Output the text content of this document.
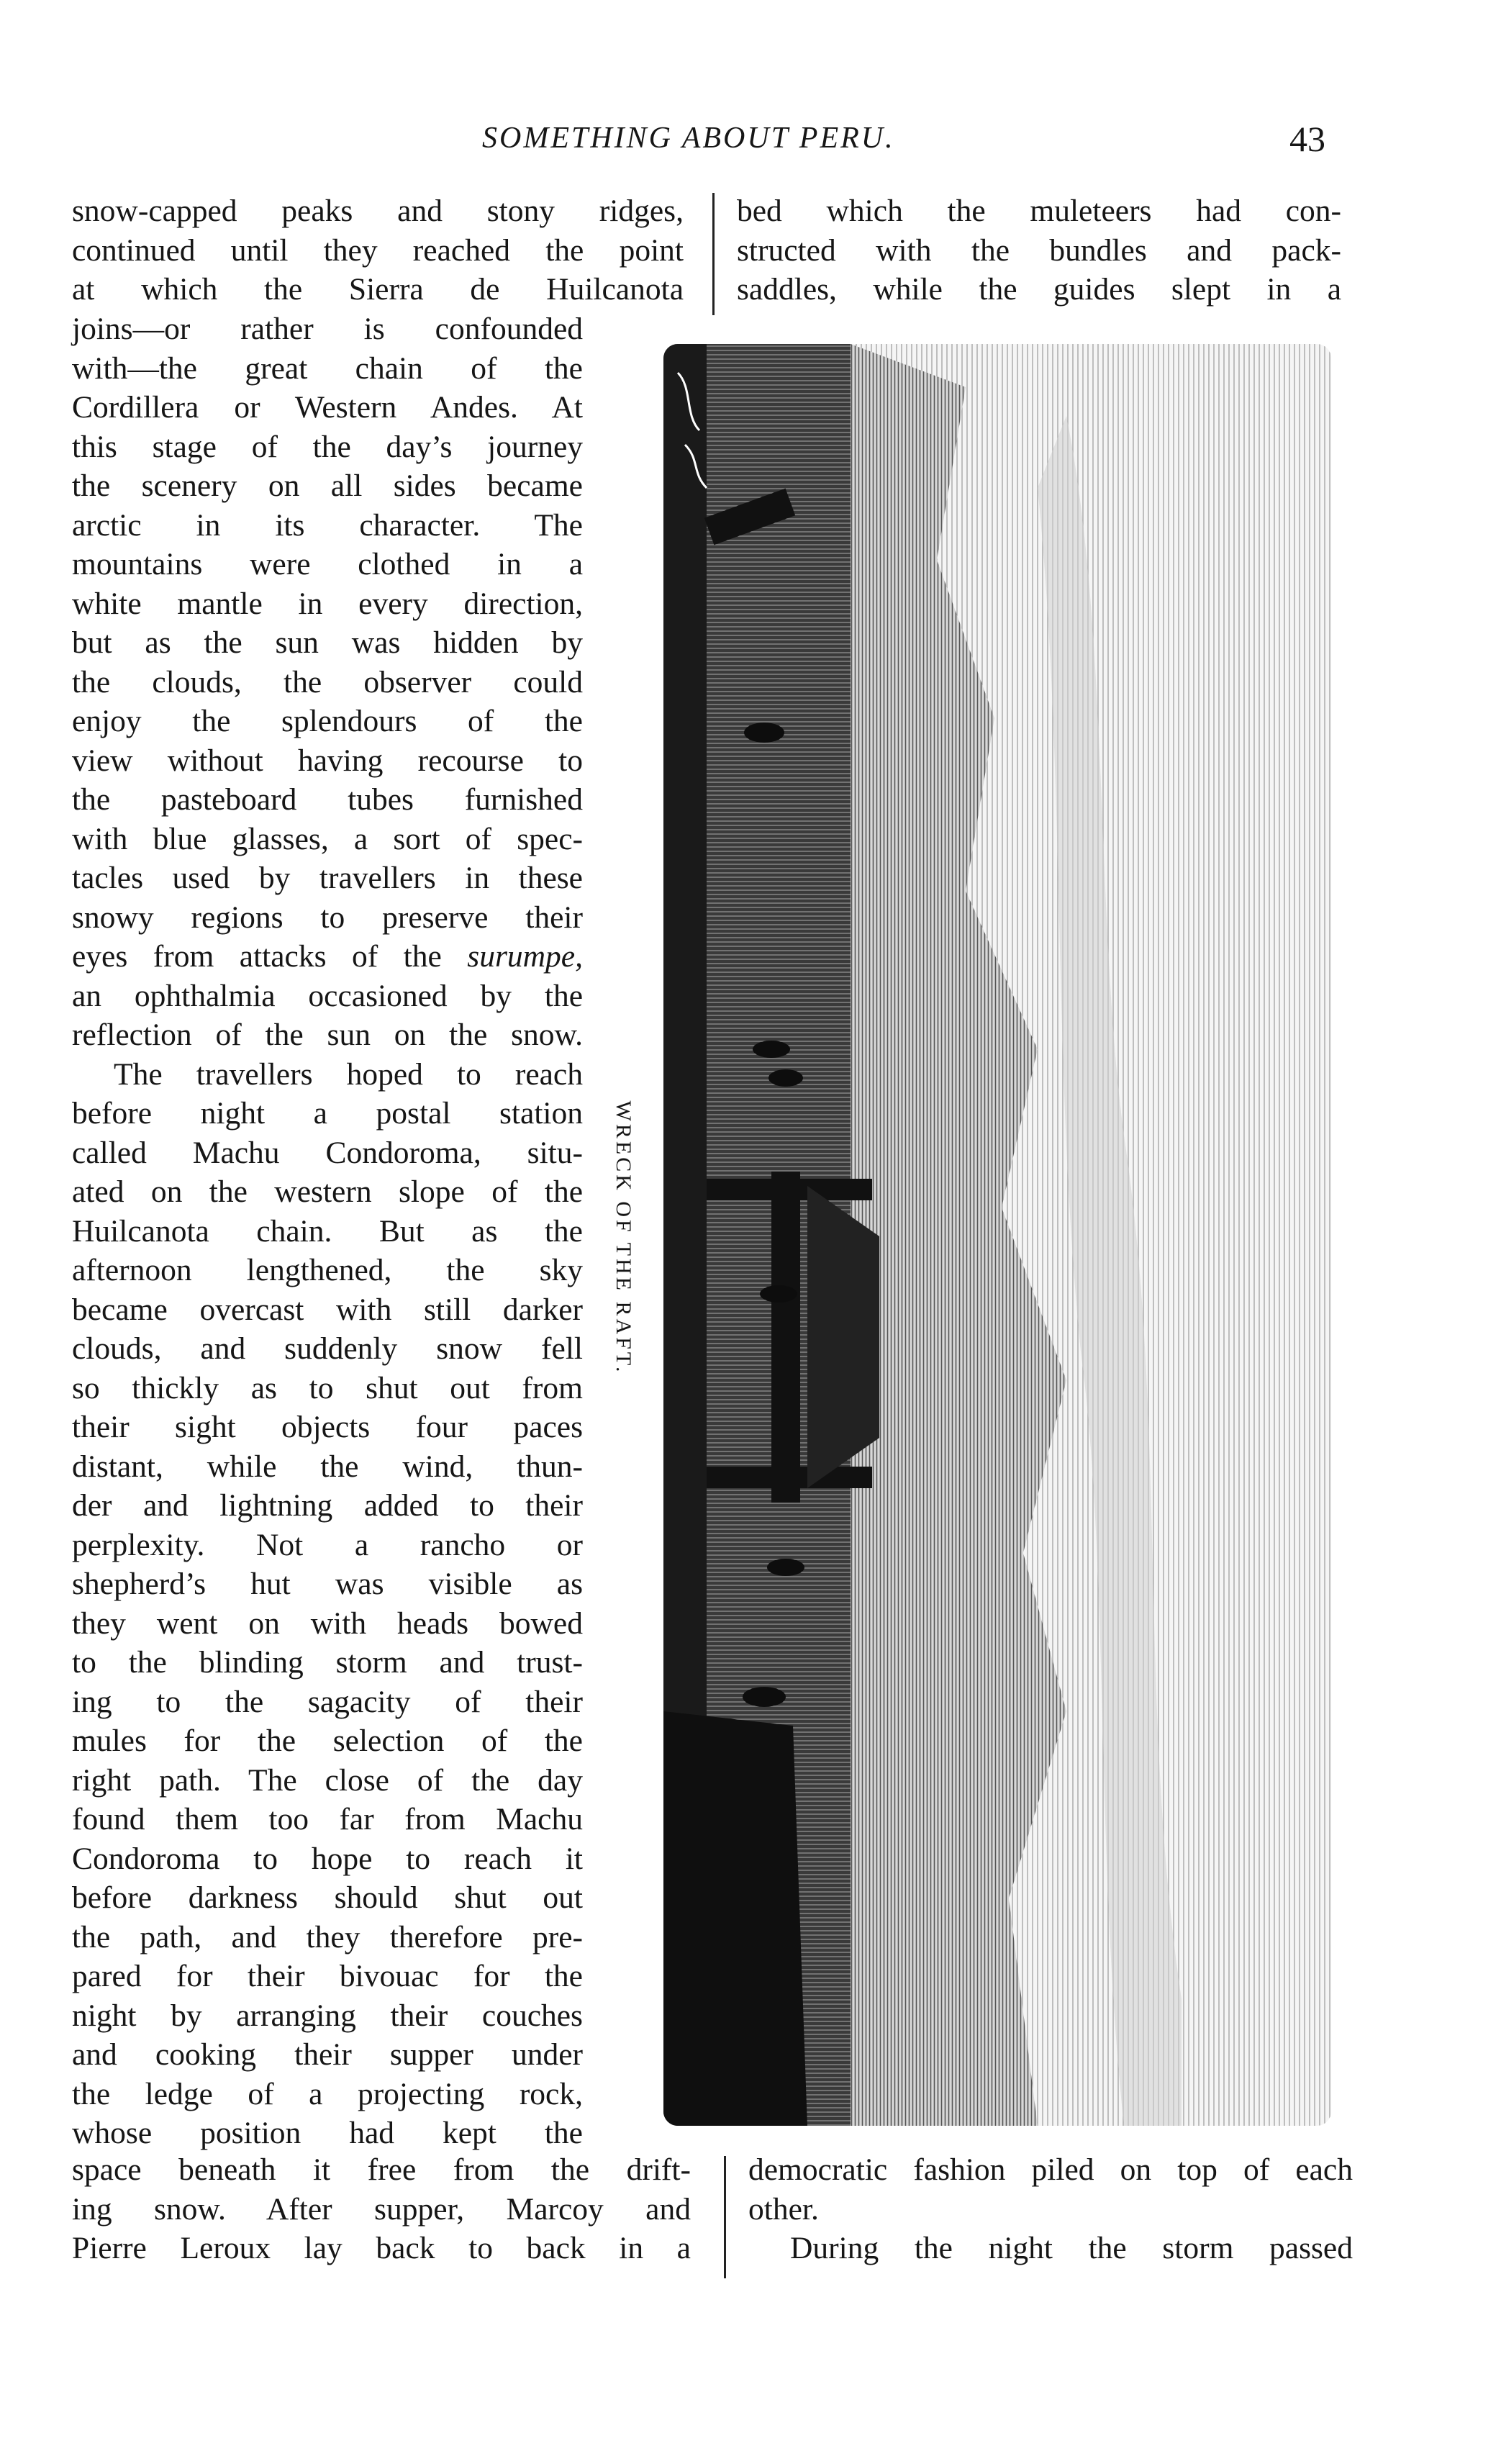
SOMETHING ABOUT PERU.	43
snow-capped peaks and stony ridges,
continued until they reached the point
at which the Sierra de Huilcanota
bed which the muleteers had con-
structed with the bundles and pack-
saddles, while the guides slept in a
joins—or rather is confounded
with—the great chain of the
Cordillera or Western Andes. At
this stage of the day’s journey
the scenery on all sides became
arctic in its character. The
mountains were clothed in a
white mantle in every direction,
but as the sun was hidden by
the clouds, the observer could
enjoy the splendours of the
view without having recourse to
the pasteboard tubes furnished
with blue glasses, a sort of spec-
tacles used by travellers in these
snowy regions to preserve their
eyes from attacks of the surumpe,
an ophthalmia occasioned by the
reflection of the sun on the snow.
The travellers hoped to reach
before night a postal station
called Machu Condoroma, situ-
ated on the western slope of the
Huilcanota chain. But as the
afternoon lengthened, the sky
became overcast with still darker
clouds, and suddenly snow fell
so thickly as to shut out from
their sight objects four paces
distant, while the wind, thun-
der and lightning added to their
perplexity. Not a rancho or
shepherd’s hut was visible as
they went on with heads bowed
to the blinding storm and trust-
ing to the sagacity of their
mules for the selection of the
right path. The close of the day
found them too far from Machu
Condoroma to hope to reach it
before darkness should shut out
the path, and they therefore pre-
pared for their bivouac for the
night by arranging their couches
and cooking their supper under
the ledge of a projecting rock,
whose position had kept the
WRECK OF THE RAFT.
space beneath it free from the drift-
ing snow. After supper, Marcoy and
Pierre Leroux lay back to back in a
democratic fashion piled on top of each
other.
During the night the storm passed
